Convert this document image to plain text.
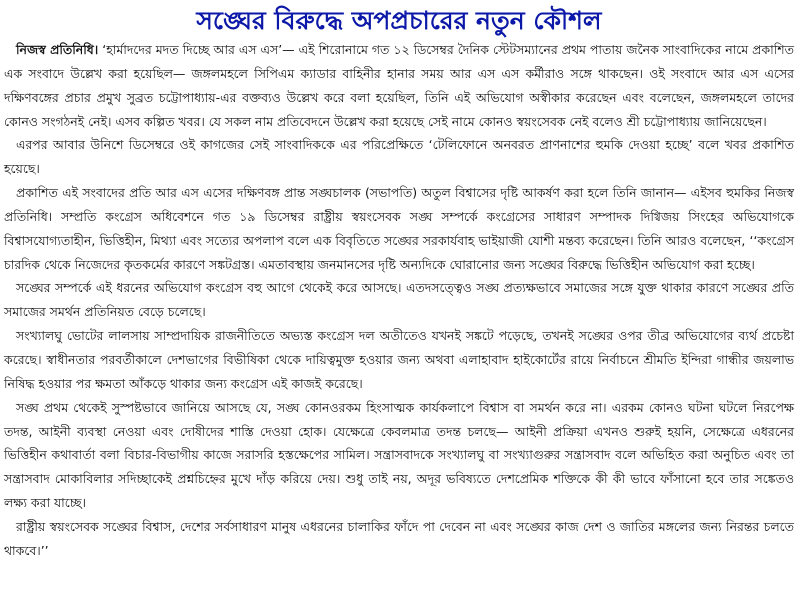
সঙ্ঘের বিরুদ্ধে অপপ্রচারের নতুন কৌশল

নিজস্ব প্রতিনিধি। ‘হার্মাদদের মদত দিচ্ছে আর এস এস’— এই শিরোনামে গত ১২ ডিসেম্বর দৈনিক স্টেটসম্যানের প্রথম পাতায় জনৈক সাংবাদিকের নামে প্রকাশিত এক সংবাদে উল্লেখ করা হয়েছিল— জঙ্গলমহলে সিপিএম ক্যাডার বাহিনীর হানার সময় আর এস এস কর্মীরাও সঙ্গে থাকছেন। ওই সংবাদে আর এস এসের দক্ষিণবঙ্গের প্রচার প্রমুখ সুব্রত চট্টোপাধ্যায়-এর বক্তব্যও উল্লেখ করে বলা হয়েছিল, তিনি এই অভিযোগ অস্বীকার করেছেন এবং বলেছেন, জঙ্গলমহলে তাদের কোনও সংগঠনই নেই। এসব কল্পিত খবর। যে সকল নাম প্রতিবেদনে উল্লেখ করা হয়েছে সেই নামে কোনও স্বয়ংসেবক নেই বলেও শ্রী চট্টোপাধ্যায় জানিয়েছেন।

এরপর আবার উনিশে ডিসেম্বরে ওই কাগজের সেই সাংবাদিককে এর পরিপ্রেক্ষিতে ‘টেলিফোনে অনবরত প্রাণনাশের হুমকি দেওয়া হচ্ছে’ বলে খবর প্রকাশিত হয়েছে।

প্রকাশিত এই সংবাদের প্রতি আর এস এসের দক্ষিণবঙ্গ প্রান্ত সঙ্ঘচালক (সভাপতি) অতুল বিশ্বাসের দৃষ্টি আকর্ষণ করা হলে তিনি জানান— এইসব হুমকির নিজস্ব প্রতিনিধি। সম্প্রতি কংগ্রেস অধিবেশনে গত ১৯ ডিসেম্বর রাষ্ট্রীয় স্বয়ংসেবক সঙ্ঘ সম্পর্কে কংগ্রেসের সাধারণ সম্পাদক দিগ্বিজয় সিংহের অভিযোগকে বিশ্বাসযোগ্যতাহীন, ভিত্তিহীন, মিথ্যা এবং সত্যের অপলাপ বলে এক বিবৃতিতে সঙ্ঘের সরকার্যবাহ ভাইয়াজী যোশী মন্তব্য করেছেন। তিনি আরও বলেছেন, ‘‘কংগ্রেস চারদিক থেকে নিজেদের কৃতকর্মের কারণে সঙ্কটগ্রস্ত। এমতাবস্থায় জনমানসের দৃষ্টি অন্যদিকে ঘোরানোর জন্য সঙ্ঘের বিরুদ্ধে ভিত্তিহীন অভিযোগ করা হচ্ছে।

সঙ্ঘের সম্পর্কে এই ধরনের অভিযোগ কংগ্রেস বহু আগে থেকেই করে আসছে। এতদসত্ত্বেও সঙ্ঘ প্রত্যক্ষভাবে সমাজের সঙ্গে যুক্ত থাকার কারণে সঙ্ঘের প্রতি সমাজের সমর্থন প্রতিনিয়ত বেড়ে চলেছে।

সংখ্যালঘু ভোটের লালসায় সাম্প্রদায়িক রাজনীতিতে অভ্যস্ত কংগ্রেস দল অতীতেও যখনই সঙ্কটে পড়েছে, তখনই সঙ্ঘের ওপর তীব্র অভিযোগের ব্যর্থ প্রচেষ্টা করেছে। স্বাধীনতার পরবর্তীকালে দেশভাগের বিভীষিকা থেকে দায়িত্বমুক্ত হওয়ার জন্য অথবা এলাহাবাদ হাইকোর্টের রায়ে নির্বাচনে শ্রীমতি ইন্দিরা গান্ধীর জয়লাভ নিষিদ্ধ হওয়ার পর ক্ষমতা আঁকড়ে থাকার জন্য কংগ্রেস এই কাজই করেছে।

সঙ্ঘ প্রথম থেকেই সুস্পষ্টভাবে জানিয়ে আসছে যে, সঙ্ঘ কোনওরকম হিংসাত্মক কার্যকলাপে বিশ্বাস বা সমর্থন করে না। এরকম কোনও ঘটনা ঘটলে নিরপেক্ষ তদন্ত, আইনী ব্যবস্থা নেওয়া এবং দোষীদের শাস্তি দেওয়া হোক। যেক্ষেত্রে কেবলমাত্র তদন্ত চলছে— আইনী প্রক্রিয়া এখনও শুরুই হয়নি, সেক্ষেত্রে এধরনের ভিত্তিহীন কথাবার্তা বলা বিচার-বিভাগীয় কাজে সরাসরি হস্তক্ষেপের সামিল। সন্ত্রাসবাদকে সংখ্যালঘু বা সংখ্যাগুরুর সন্ত্রাসবাদ বলে অভিহিত করা অনুচিত এবং তা সন্ত্রাসবাদ মোকাবিলার সদিচ্ছাকেই প্রশ্নচিহ্নের মুখে দাঁড় করিয়ে দেয়। শুধু তাই নয়, অদূর ভবিষ্যতে দেশপ্রেমিক শক্তিকে কী কী ভাবে ফাঁসানো হবে তার সঙ্কেতও লক্ষ্য করা যাচ্ছে।

রাষ্ট্রীয় স্বয়ংসেবক সঙ্ঘের বিশ্বাস, দেশের সর্বসাধারণ মানুষ এধরনের চালাকির ফাঁদে পা দেবেন না এবং সঙ্ঘের কাজ দেশ ও জাতির মঙ্গলের জন্য নিরন্তর চলতে থাকবে।’’
